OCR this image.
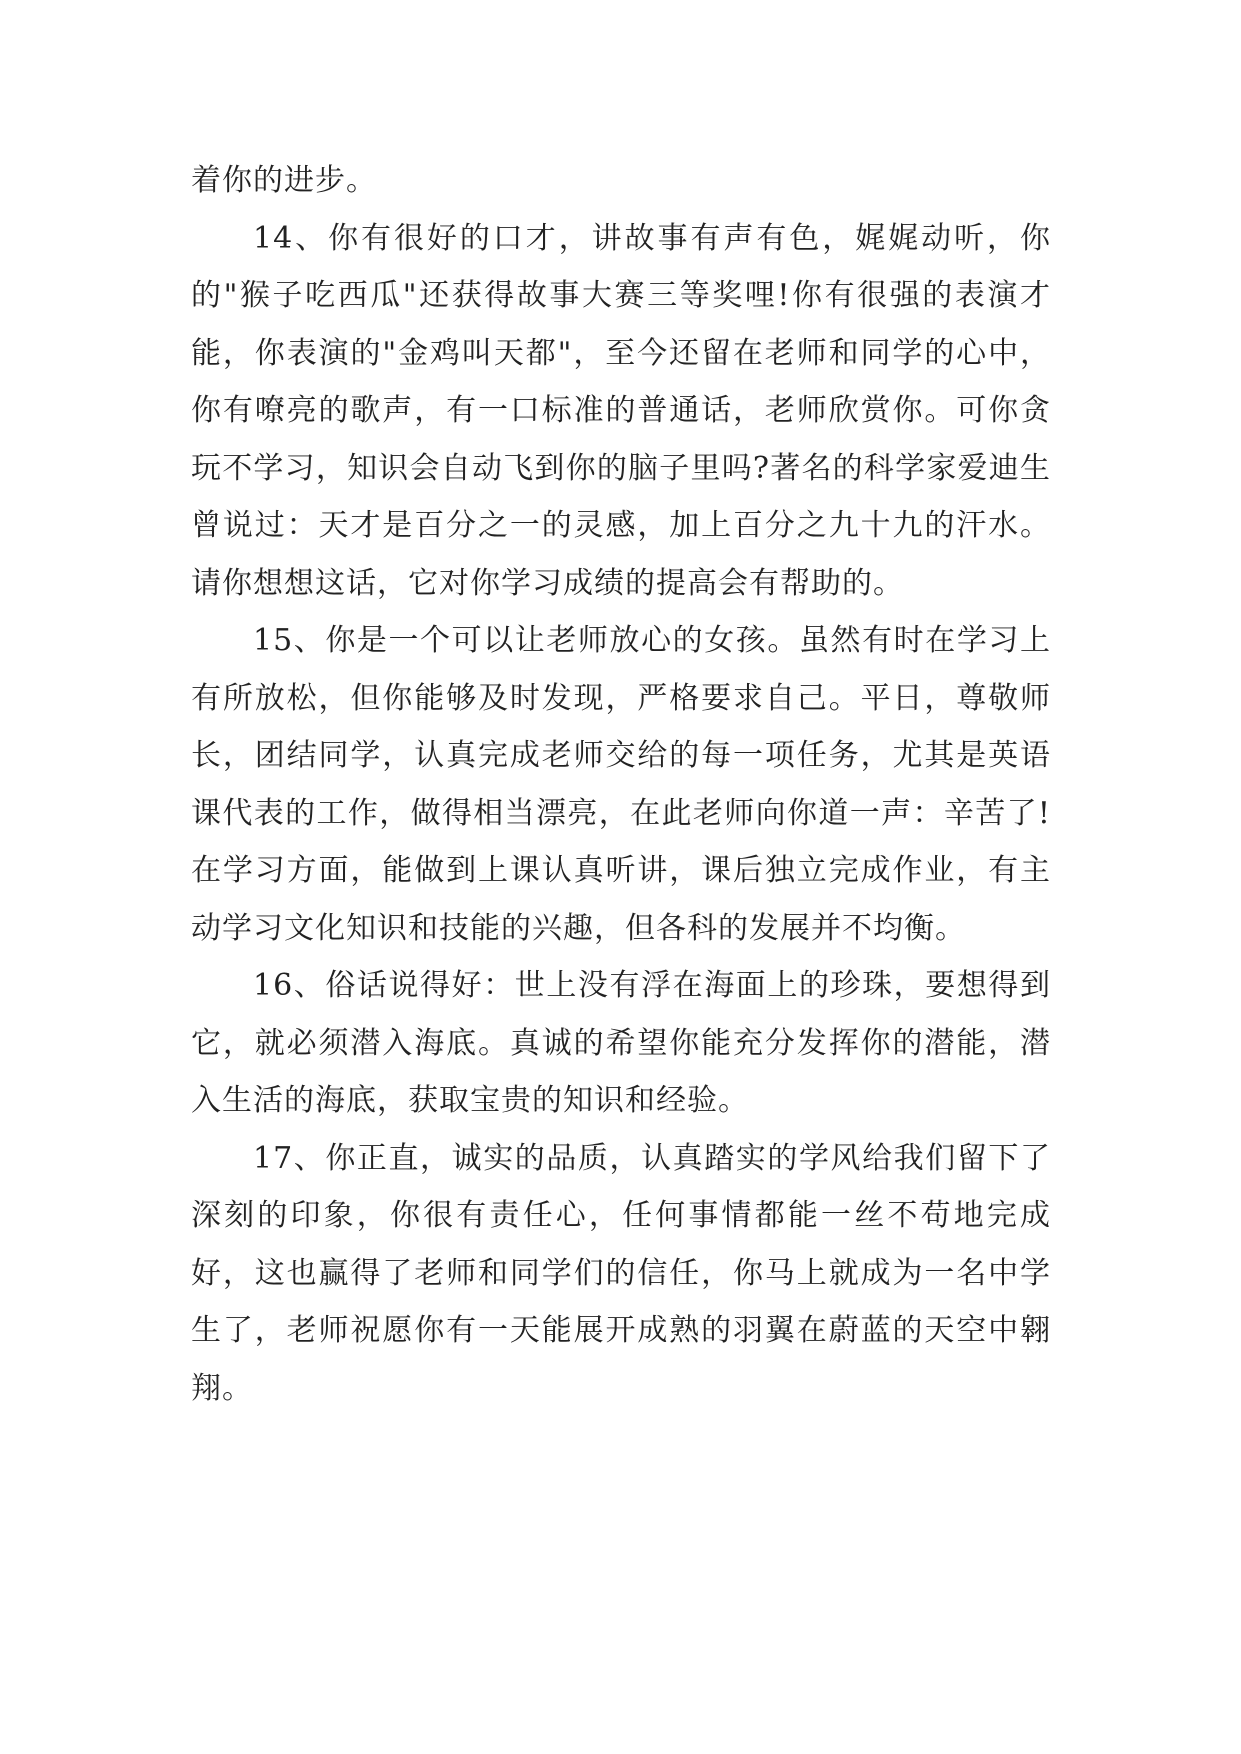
着你的进步。

14、你有很好的口才，讲故事有声有色，娓娓动听，你的"猴子吃西瓜"还获得故事大赛三等奖哩!你有很强的表演才能，你表演的"金鸡叫天都"，至今还留在老师和同学的心中，你有嘹亮的歌声，有一口标准的普通话，老师欣赏你。可你贪玩不学习，知识会自动飞到你的脑子里吗?著名的科学家爱迪生曾说过：天才是百分之一的灵感，加上百分之九十九的汗水。请你想想这话，它对你学习成绩的提高会有帮助的。

15、你是一个可以让老师放心的女孩。虽然有时在学习上有所放松，但你能够及时发现，严格要求自己。平日，尊敬师长，团结同学，认真完成老师交给的每一项任务，尤其是英语课代表的工作，做得相当漂亮，在此老师向你道一声：辛苦了!在学习方面，能做到上课认真听讲，课后独立完成作业，有主动学习文化知识和技能的兴趣，但各科的发展并不均衡。

16、俗话说得好：世上没有浮在海面上的珍珠，要想得到它，就必须潜入海底。真诚的希望你能充分发挥你的潜能，潜入生活的海底，获取宝贵的知识和经验。

17、你正直，诚实的品质，认真踏实的学风给我们留下了深刻的印象，你很有责任心，任何事情都能一丝不苟地完成好，这也赢得了老师和同学们的信任，你马上就成为一名中学生了，老师祝愿你有一天能展开成熟的羽翼在蔚蓝的天空中翱翔。
